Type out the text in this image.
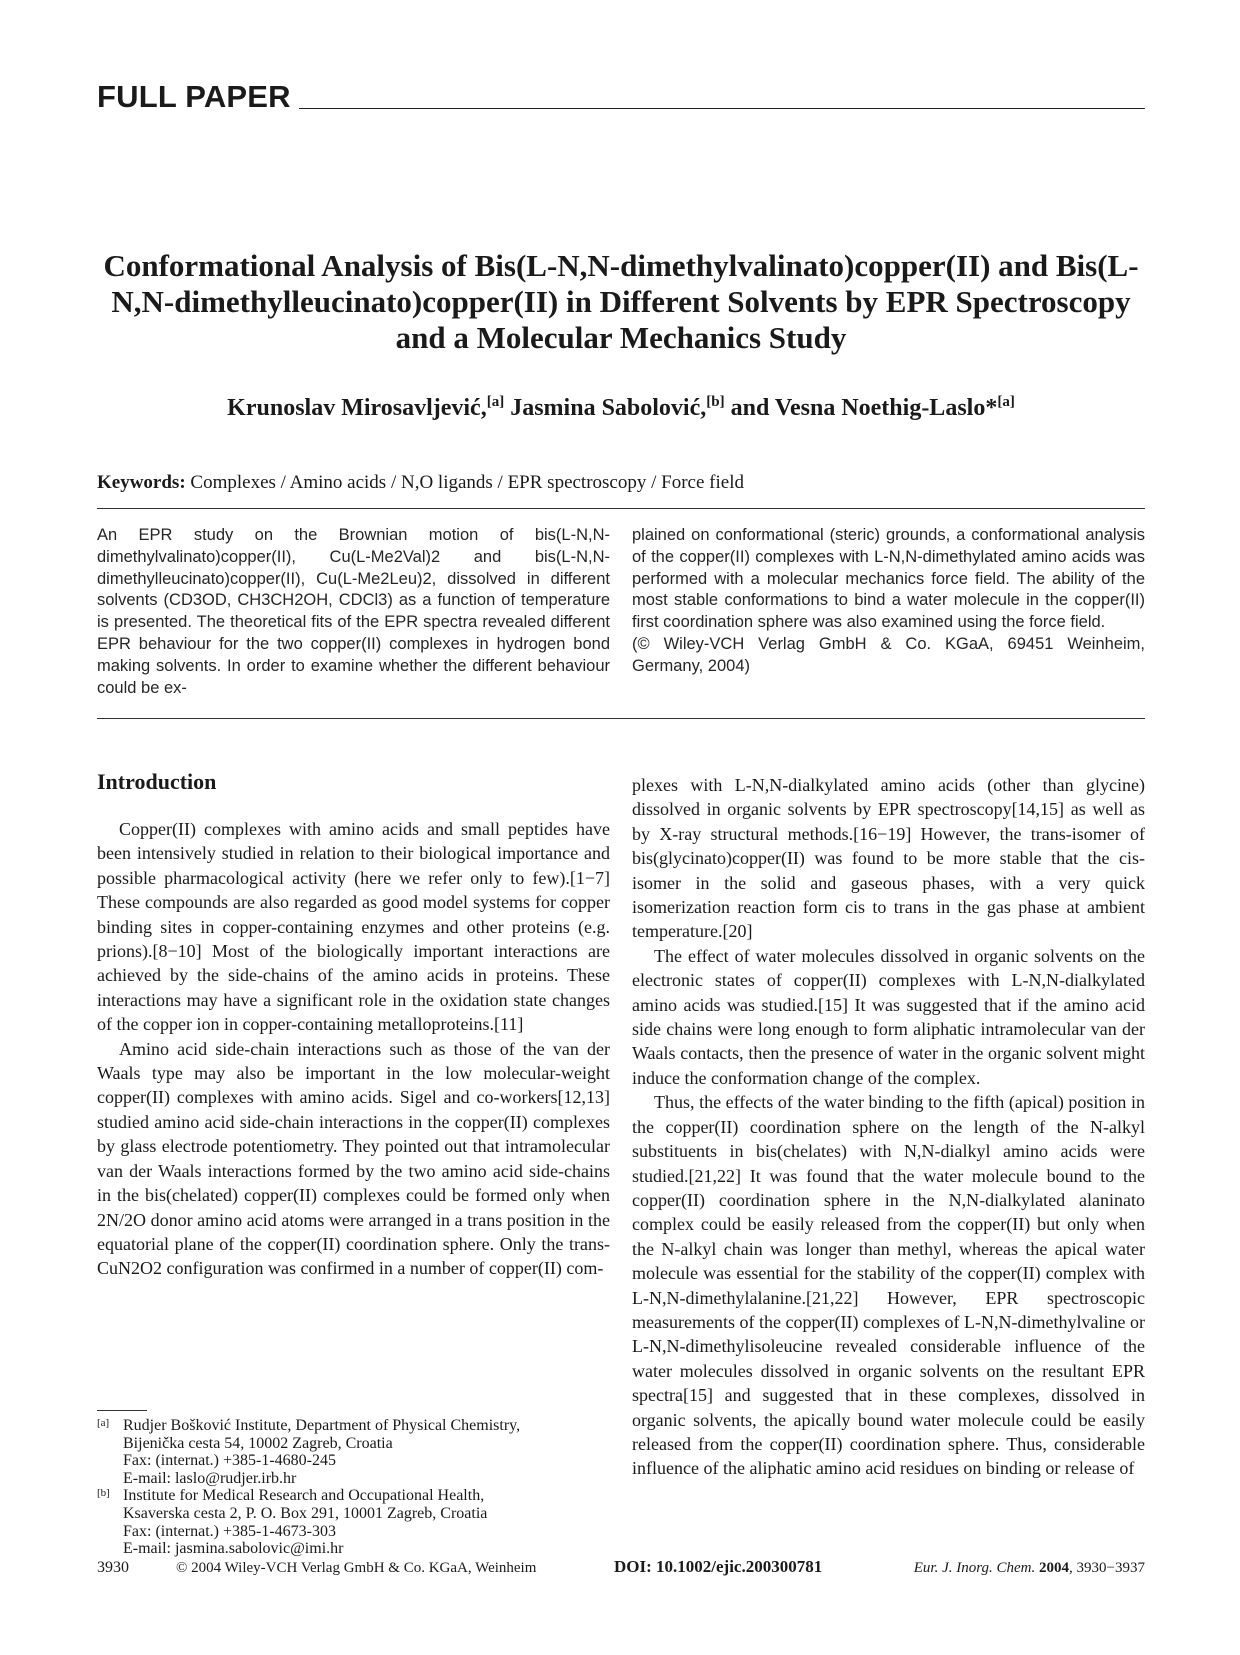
FULL PAPER
Conformational Analysis of Bis(L-N,N-dimethylvalinato)copper(II) and Bis(L-
N,N-dimethylleucinato)copper(II) in Different Solvents by EPR Spectroscopy
and a Molecular Mechanics Study
Krunoslav Mirosavljević,[a] Jasmina Sabolović,[b] and Vesna Noethig-Laslo*[a]
Keywords: Complexes / Amino acids / N,O ligands / EPR spectroscopy / Force field

An EPR study on the Brownian motion of bis(L-N,N-dimethylvalinato)copper(II), Cu(L-Me2Val)2 and bis(L-N,N-dimethylleucinato)copper(II), Cu(L-Me2Leu)2, dissolved in different solvents (CD3OD, CH3CH2OH, CDCl3) as a function of temperature is presented. The theoretical fits of the EPR spectra revealed different EPR behaviour for the two copper(II) complexes in hydrogen bond making solvents. In order to examine whether the different behaviour could be ex-

plained on conformational (steric) grounds, a conformational analysis of the copper(II) complexes with L-N,N-dimethylated amino acids was performed with a molecular mechanics force field. The ability of the most stable conformations to bind a water molecule in the copper(II) first coordination sphere was also examined using the force field.

(© Wiley-VCH Verlag GmbH & Co. KGaA, 69451 Weinheim, Germany, 2004)

Introduction

Copper(II) complexes with amino acids and small peptides have been intensively studied in relation to their biological importance and possible pharmacological activity (here we refer only to few).[1−7] These compounds are also regarded as good model systems for copper binding sites in copper-containing enzymes and other proteins (e.g. prions).[8−10] Most of the biologically important interactions are achieved by the side-chains of the amino acids in proteins. These interactions may have a significant role in the oxidation state changes of the copper ion in copper-containing metalloproteins.[11]

Amino acid side-chain interactions such as those of the van der Waals type may also be important in the low molecular-weight copper(II) complexes with amino acids. Sigel and co-workers[12,13] studied amino acid side-chain interactions in the copper(II) complexes by glass electrode potentiometry. They pointed out that intramolecular van der Waals interactions formed by the two amino acid side-chains in the bis(chelated) copper(II) complexes could be formed only when 2N/2O donor amino acid atoms were arranged in a trans position in the equatorial plane of the copper(II) coordination sphere. Only the trans-CuN2O2 configuration was confirmed in a number of copper(II) com-

plexes with L-N,N-dialkylated amino acids (other than glycine) dissolved in organic solvents by EPR spectroscopy[14,15] as well as by X-ray structural methods.[16−19] However, the trans-isomer of bis(glycinato)copper(II) was found to be more stable that the cis-isomer in the solid and gaseous phases, with a very quick isomerization reaction form cis to trans in the gas phase at ambient temperature.[20]

The effect of water molecules dissolved in organic solvents on the electronic states of copper(II) complexes with L-N,N-dialkylated amino acids was studied.[15] It was suggested that if the amino acid side chains were long enough to form aliphatic intramolecular van der Waals contacts, then the presence of water in the organic solvent might induce the conformation change of the complex.

Thus, the effects of the water binding to the fifth (apical) position in the copper(II) coordination sphere on the length of the N-alkyl substituents in bis(chelates) with N,N-dialkyl amino acids were studied.[21,22] It was found that the water molecule bound to the copper(II) coordination sphere in the N,N-dialkylated alaninato complex could be easily released from the copper(II) but only when the N-alkyl chain was longer than methyl, whereas the apical water molecule was essential for the stability of the copper(II) complex with L-N,N-dimethylalanine.[21,22] However, EPR spectroscopic measurements of the copper(II) complexes of L-N,N-dimethylvaline or L-N,N-dimethylisoleucine revealed considerable influence of the water molecules dissolved in organic solvents on the resultant EPR spectra[15] and suggested that in these complexes, dissolved in organic solvents, the apically bound water molecule could be easily released from the copper(II) coordination sphere. Thus, considerable influence of the aliphatic amino acid residues on binding or release of

[a] Rudjer Bošković Institute, Department of Physical Chemistry,
Bijenička cesta 54, 10002 Zagreb, Croatia
Fax: (internat.) +385-1-4680-245
E-mail: laslo@rudjer.irb.hr
[b] Institute for Medical Research and Occupational Health,
Ksaverska cesta 2, P. O. Box 291, 10001 Zagreb, Croatia
Fax: (internat.) +385-1-4673-303
E-mail: jasmina.sabolovic@imi.hr
3930	© 2004 Wiley-VCH Verlag GmbH & Co. KGaA, Weinheim	DOI: 10.1002/ejic.200300781	Eur. J. Inorg. Chem. 2004, 3930−3937
